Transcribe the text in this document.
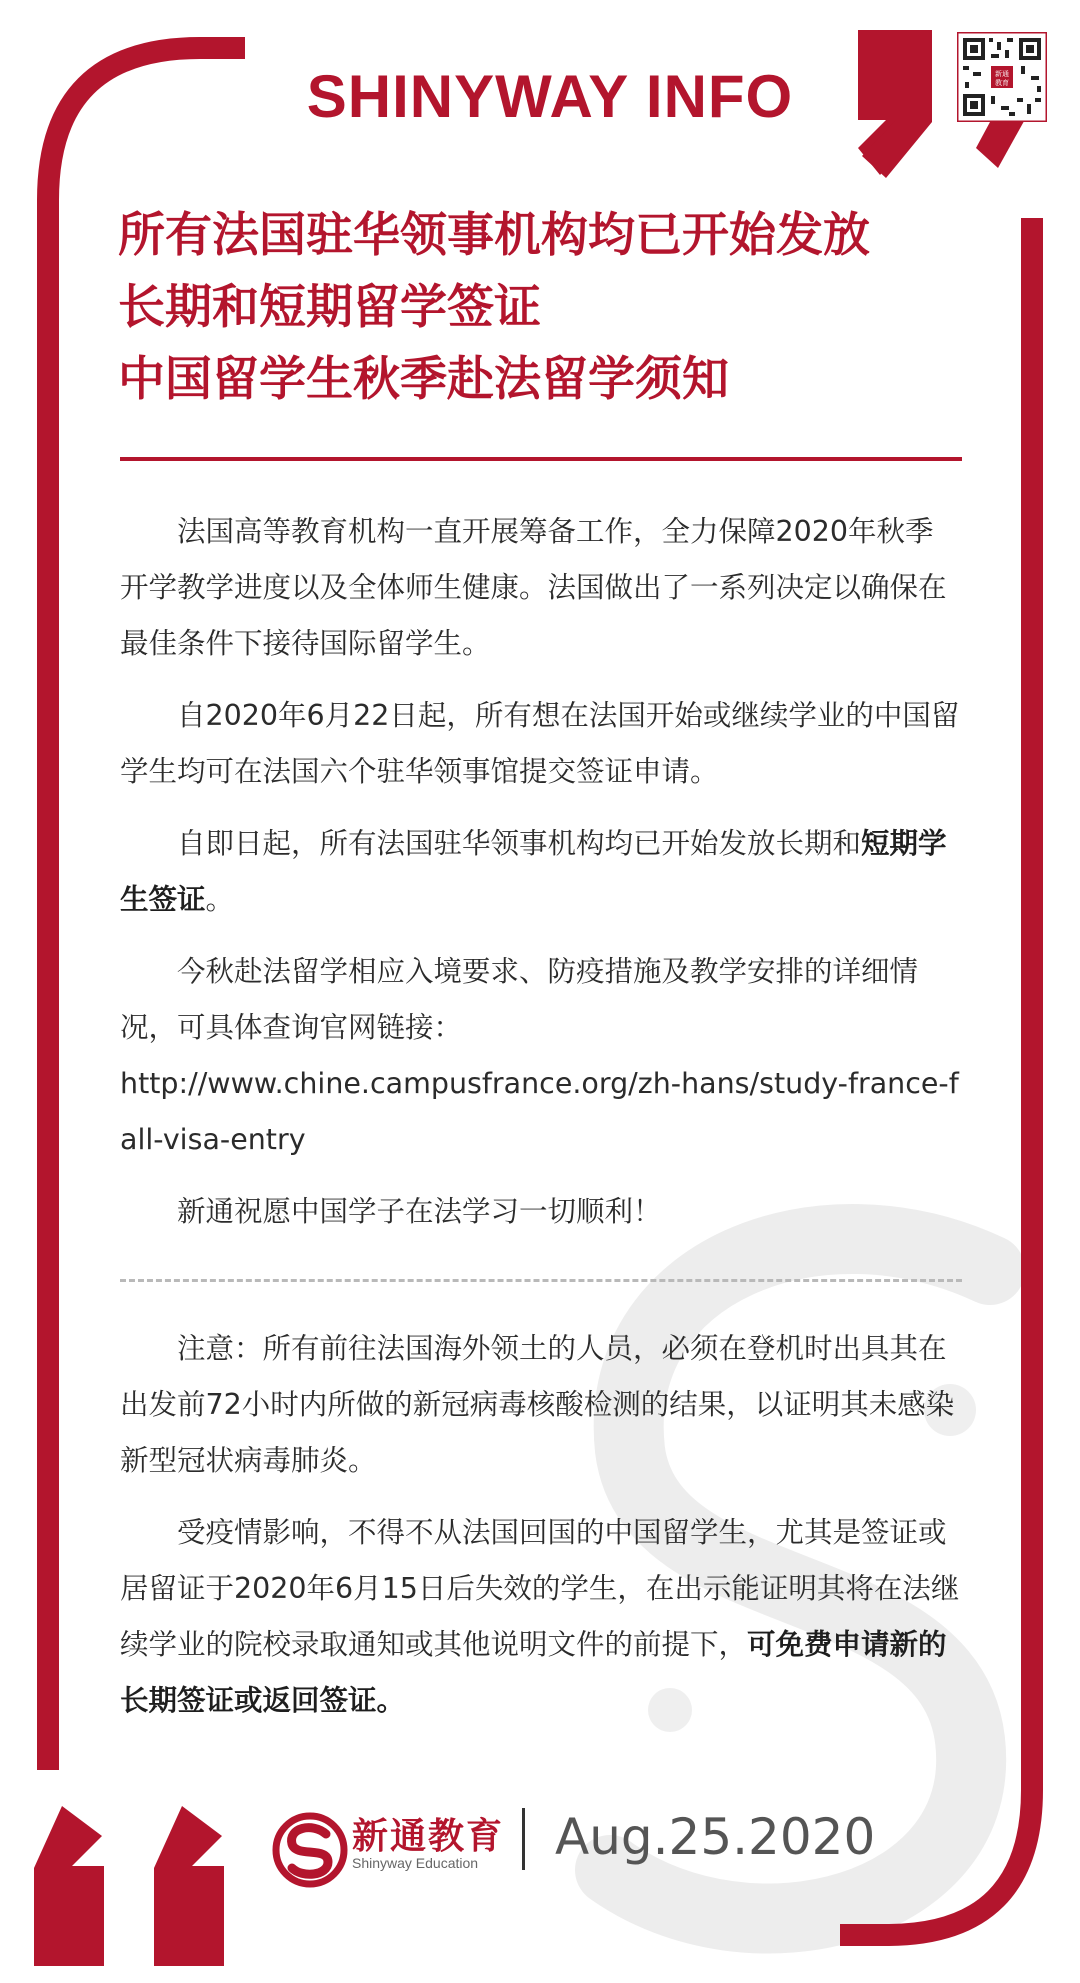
SHINYWAY INFO	新通
教育
所有法国驻华领事机构均已开始发放
长期和短期留学签证
中国留学生秋季赴法留学须知

法国高等教育机构一直开展筹备工作，全力保障2020年秋季开学教学进度以及全体师生健康。法国做出了一系列决定以确保在最佳条件下接待国际留学生。

自2020年6月22日起，所有想在法国开始或继续学业的中国留学生均可在法国六个驻华领事馆提交签证申请。

自即日起，所有法国驻华领事机构均已开始发放长期和短期学生签证。

今秋赴法留学相应入境要求、防疫措施及教学安排的详细情况，可具体查询官网链接：

http://www.chine.campusfrance.org/zh-hans/study-france-fall-visa-entry

新通祝愿中国学子在法学习一切顺利！

注意：所有前往法国海外领土的人员，必须在登机时出具其在出发前72小时内所做的新冠病毒核酸检测的结果，以证明其未感染新型冠状病毒肺炎。

受疫情影响，不得不从法国回国的中国留学生，尤其是签证或居留证于2020年6月15日后失效的学生，在出示能证明其将在法继续学业的院校录取通知或其他说明文件的前提下，可免费申请新的长期签证或返回签证。

新通教育
Shinyway Education Aug.25.2020
